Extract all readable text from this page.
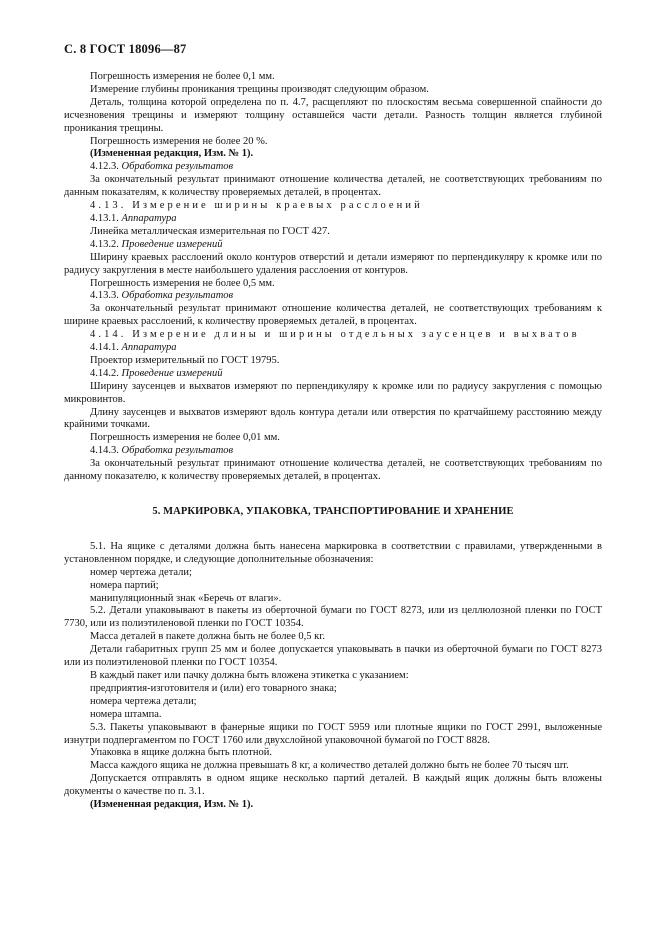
С. 8 ГОСТ 18096—87

Погрешность измерения не более 0,1 мм.

Измерение глубины проникания трещины производят следующим образом.

Деталь, толщина которой определена по п. 4.7, расщепляют по плоскостям весьма совершенной спайности до исчезновения трещины и измеряют толщину оставшейся части детали. Разность толщин является глубиной проникания трещины.

Погрешность измерения не более 20 %.

(Измененная редакция, Изм. № 1).

4.12.3. Обработка результатов

За окончательный результат принимают отношение количества деталей, не соответствующих требованиям по данным показателям, к количеству проверяемых деталей, в процентах.

4.13. Измерение ширины краевых расслоений

4.13.1. Аппаратура

Линейка металлическая измерительная по ГОСТ 427.

4.13.2. Проведение измерений

Ширину краевых расслоений около контуров отверстий и детали измеряют по перпендикуляру к кромке или по радиусу закругления в месте наибольшего удаления расслоения от контуров.

Погрешность измерения не более 0,5 мм.

4.13.3. Обработка результатов

За окончательный результат принимают отношение количества деталей, не соответствующих требованиям к ширине краевых расслоений, к количеству проверяемых деталей, в процентах.

4.14. Измерение длины и ширины отдельных заусенцев и выхватов

4.14.1. Аппаратура

Проектор измерительный по ГОСТ 19795.

4.14.2. Проведение измерений

Ширину заусенцев и выхватов измеряют по перпендикуляру к кромке или по радиусу закругления с помощью микровинтов.

Длину заусенцев и выхватов измеряют вдоль контура детали или отверстия по кратчайшему расстоянию между крайними точками.

Погрешность измерения не более 0,01 мм.

4.14.3. Обработка результатов

За окончательный результат принимают отношение количества деталей, не соответствующих требованиям по данному показателю, к количеству проверяемых деталей, в процентах.

5. МАРКИРОВКА, УПАКОВКА, ТРАНСПОРТИРОВАНИЕ И ХРАНЕНИЕ

5.1. На ящике с деталями должна быть нанесена маркировка в соответствии с правилами, утвержденными в установленном порядке, и следующие дополнительные обозначения:

номер чертежа детали;

номера партий;

манипуляционный знак «Беречь от влаги».

5.2. Детали упаковывают в пакеты из оберточной бумаги по ГОСТ 8273, или из целлюлозной пленки по ГОСТ 7730, или из полиэтиленовой пленки по ГОСТ 10354.

Масса деталей в пакете должна быть не более 0,5 кг.

Детали габаритных групп 25 мм и более допускается упаковывать в пачки из оберточной бумаги по ГОСТ 8273 или из полиэтиленовой пленки по ГОСТ 10354.

В каждый пакет или пачку должна быть вложена этикетка с указанием:

предприятия-изготовителя и (или) его товарного знака;

номера чертежа детали;

номера штампа.

5.3. Пакеты упаковывают в фанерные ящики по ГОСТ 5959 или плотные ящики по ГОСТ 2991, выложенные изнутри подпергаментом по ГОСТ 1760 или двухслойной упаковочной бумагой по ГОСТ 8828.

Упаковка в ящике должна быть плотной.

Масса каждого ящика не должна превышать 8 кг, а количество деталей должно быть не более 70 тысяч шт.

Допускается отправлять в одном ящике несколько партий деталей. В каждый ящик должны быть вложены документы о качестве по п. 3.1.

(Измененная редакция, Изм. № 1).
